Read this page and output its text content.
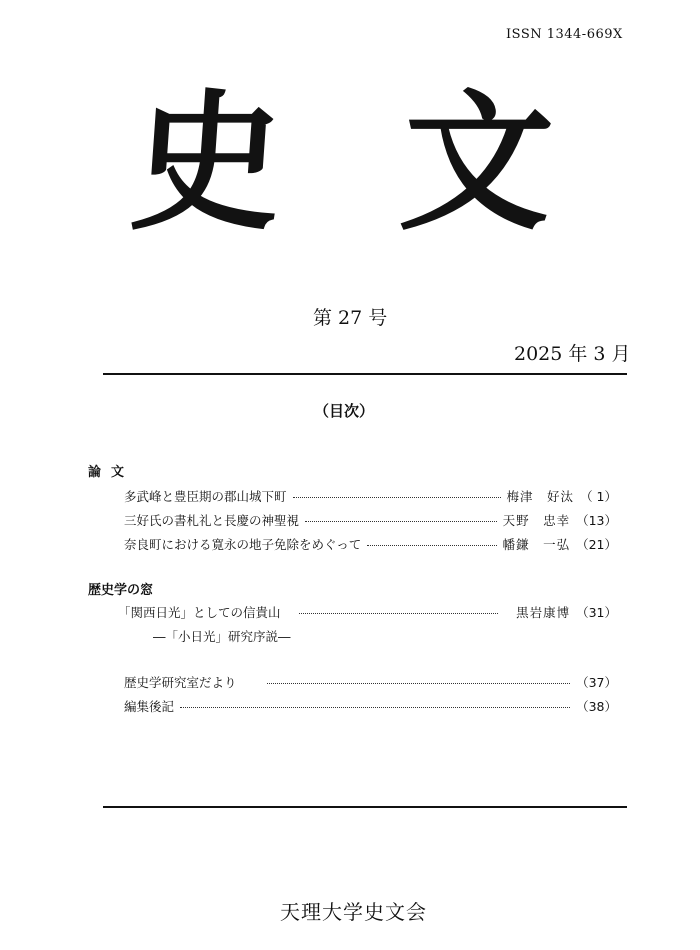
ISSN 1344-669X
史 文
第 27 号
2025 年 3 月
（目次）
論文
多武峰と豊臣期の郡山城下町	梅津　好汰 （ 1）
三好氏の書札礼と長慶の神聖視	天野　忠幸 （13）
奈良町における寛永の地子免除をめぐって	幡鎌　一弘 （21）
歴史学の窓
「関西日光」としての信貴山	黒岩康博 （31）
―「小日光」研究序説―
歴史学研究室だより	（37）
編集後記	（38）
天理大学史文会
